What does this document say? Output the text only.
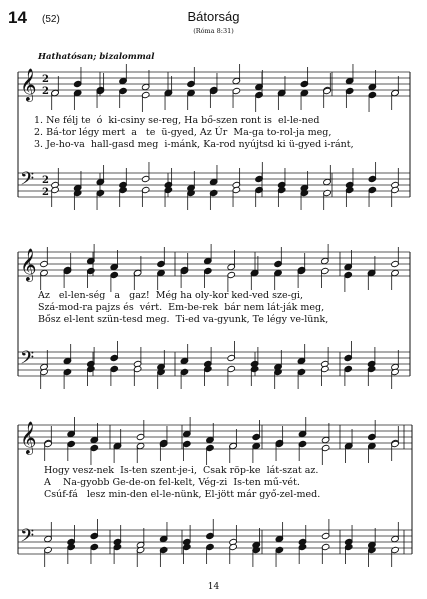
14 (52)	Bátorság
(Róma 8:31)
Hathatósan; bizalommal
𝄞
𝄢
2
2
2
2
𝄞
𝄢
𝄞
𝄢
1. Ne félj te  ó  ki-csiny se-reg, Ha bő-szen ront is  el-le-ned
2. Bá-tor légy mert  a   te  ü-gyed, Az Úr  Ma-ga to-rol-ja meg,
3. Je-ho-va  hall-gasd meg  i-mánk, Ka-rod nyújtsd ki ü-gyed i-ránt,
Az   el-len-ség   a   gaz!  Még ha oly-kor ked-ved sze-gi,
Szá-mod-ra pajzs és  vért.  Em-be-rek  bár nem lát-ják meg,
Bősz el-lent szün-tesd meg.  Ti-ed va-gyunk, Te légy ve-lünk,
Hogy vesz-nek  Is-ten szent-je-i,  Csak röp-ke  lát-szat az.
A    Na-gyobb Ge-de-on fel-kelt, Vég-zi  Is-ten mű-vét.
Csúf-fá   lesz min-den el-le-nünk, El-jött már győ-zel-med.
14
